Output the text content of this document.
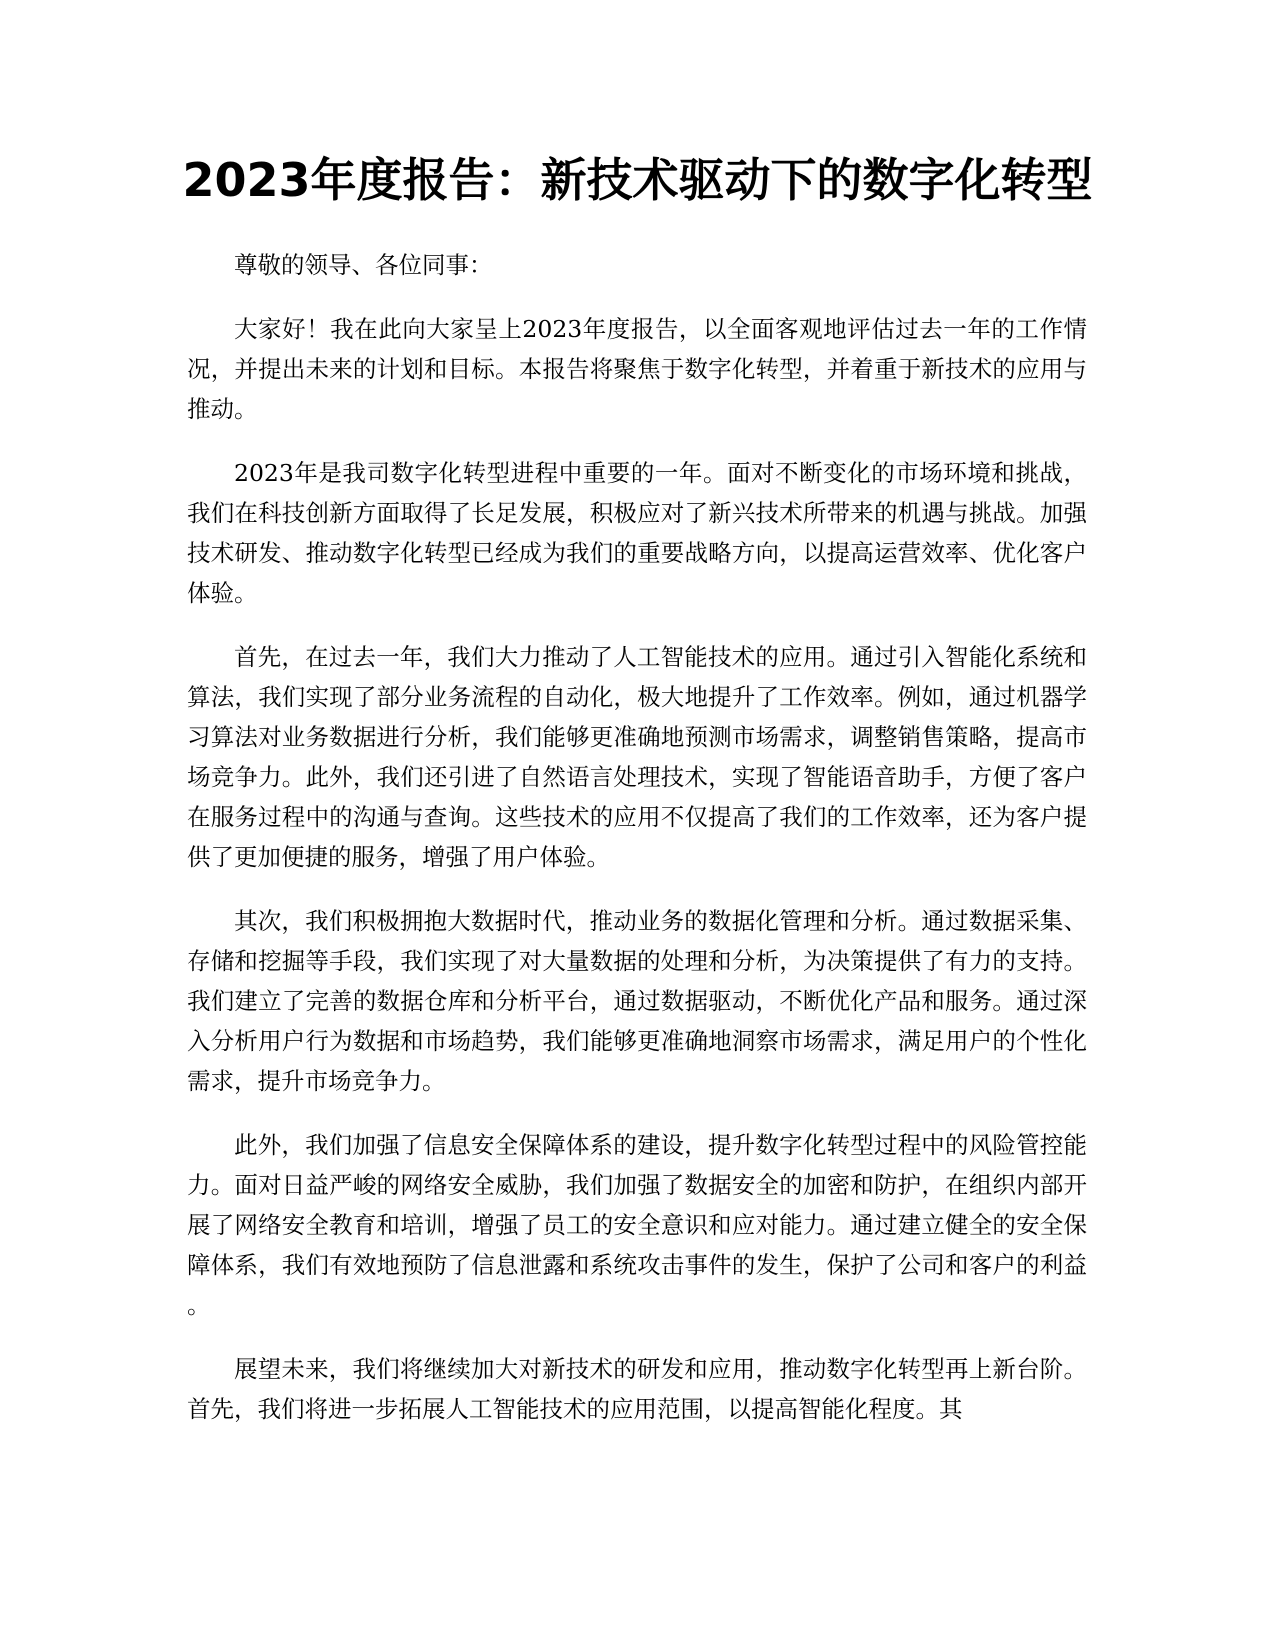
2023年度报告：新技术驱动下的数字化转型

尊敬的领导、各位同事：

大家好！我在此向大家呈上2023年度报告，以全面客观地评估过去一年的工作情况，并提出未来的计划和目标。本报告将聚焦于数字化转型，并着重于新技术的应用与推动。

2023年是我司数字化转型进程中重要的一年。面对不断变化的市场环境和挑战，我们在科技创新方面取得了长足发展，积极应对了新兴技术所带来的机遇与挑战。加强技术研发、推动数字化转型已经成为我们的重要战略方向，以提高运营效率、优化客户体验。

首先，在过去一年，我们大力推动了人工智能技术的应用。通过引入智能化系统和算法，我们实现了部分业务流程的自动化，极大地提升了工作效率。例如，通过机器学习算法对业务数据进行分析，我们能够更准确地预测市场需求，调整销售策略，提高市场竞争力。此外，我们还引进了自然语言处理技术，实现了智能语音助手，方便了客户在服务过程中的沟通与查询。这些技术的应用不仅提高了我们的工作效率，还为客户提供了更加便捷的服务，增强了用户体验。

其次，我们积极拥抱大数据时代，推动业务的数据化管理和分析。通过数据采集、存储和挖掘等手段，我们实现了对大量数据的处理和分析，为决策提供了有力的支持。我们建立了完善的数据仓库和分析平台，通过数据驱动，不断优化产品和服务。通过深入分析用户行为数据和市场趋势，我们能够更准确地洞察市场需求，满足用户的个性化需求，提升市场竞争力。

此外，我们加强了信息安全保障体系的建设，提升数字化转型过程中的风险管控能力。面对日益严峻的网络安全威胁，我们加强了数据安全的加密和防护，在组织内部开展了网络安全教育和培训，增强了员工的安全意识和应对能力。通过建立健全的安全保障体系，我们有效地预防了信息泄露和系统攻击事件的发生，保护了公司和客户的利益。

展望未来，我们将继续加大对新技术的研发和应用，推动数字化转型再上新台阶。首先，我们将进一步拓展人工智能技术的应用范围，以提高智能化程度。其
